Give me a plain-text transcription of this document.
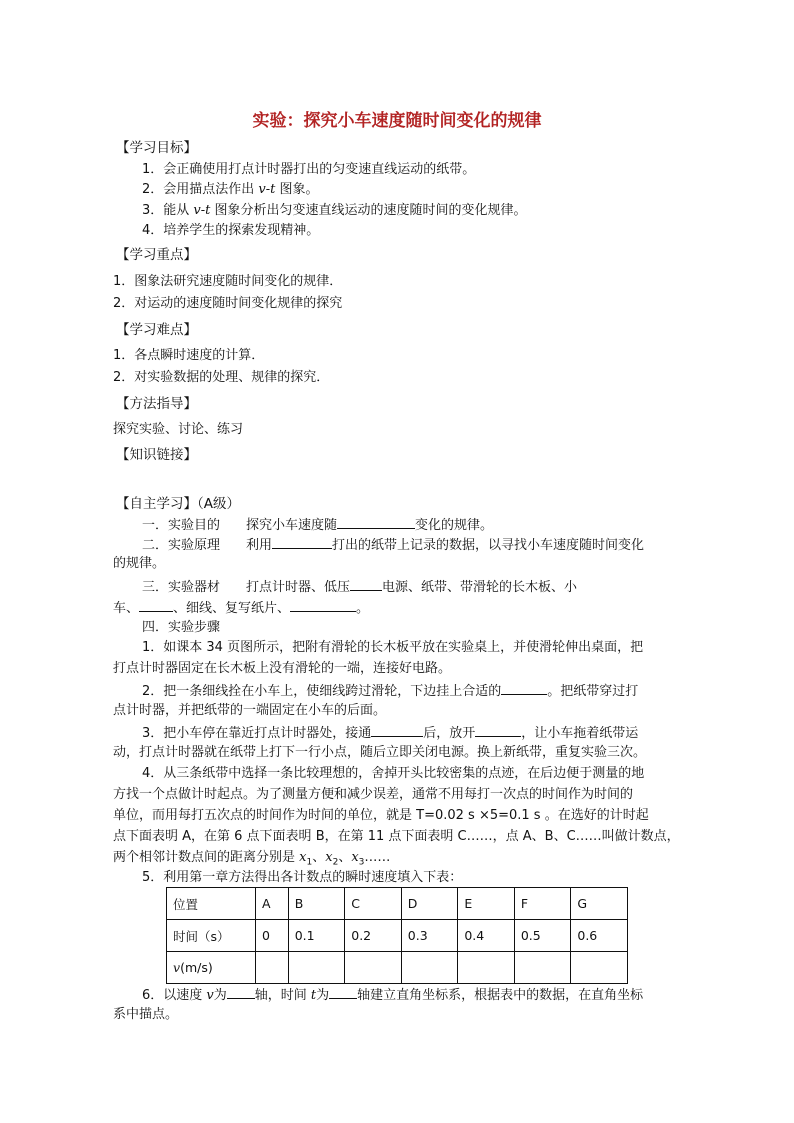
实验：探究小车速度随时间变化的规律
【学习目标】
1．会正确使用打点计时器打出的匀变速直线运动的纸带。
2．会用描点法作出 v-t 图象。
3．能从 v-t 图象分析出匀变速直线运动的速度随时间的变化规律。
4．培养学生的探索发现精神。
【学习重点】
1．图象法研究速度随时间变化的规律．
2．对运动的速度随时间变化规律的探究
【学习难点】
1．各点瞬时速度的计算．
2．对实验数据的处理、规律的探究．
【方法指导】
探究实验、讨论、练习
【知识链接】
【自主学习】（A级）
一．实验目的 探究小车速度随	变化的规律。
二．实验原理 利用	打出的纸带上记录的数据，以寻找小车速度随时间变化
的规律。
三．实验器材 打点计时器、低压 电源、纸带、带滑轮的长木板、小
车、	、细线、复写纸片、	。
四．实验步骤
1．如课本 34 页图所示，把附有滑轮的长木板平放在实验桌上，并使滑轮伸出桌面，把
打点计时器固定在长木板上没有滑轮的一端，连接好电路。
2．把一条细线拴在小车上，使细线跨过滑轮，下边挂上合适的	。把纸带穿过打
点计时器，并把纸带的一端固定在小车的后面。
3．把小车停在靠近打点计时器处，接通	后，放开	，让小车拖着纸带运
动，打点计时器就在纸带上打下一行小点，随后立即关闭电源。换上新纸带，重复实验三次。
4．从三条纸带中选择一条比较理想的，舍掉开头比较密集的点迹，在后边便于测量的地
方找一个点做计时起点。为了测量方便和减少误差，通常不用每打一次点的时间作为时间的
单位，而用每打五次点的时间作为时间的单位，就是 T=0.02 s ×5=0.1 s 。在选好的计时起
点下面表明 A，在第 6 点下面表明 B，在第 11 点下面表明 C……，点 A、B、C……叫做计数点，
两个相邻计数点间的距离分别是 $x_1$、$x_2$、$x_3\dots\dots$
5．利用第一章方法得出各计数点的瞬时速度填入下表：
位置	A	B	C	D	E	F	G
时间（s）	0	0.1	0.2	0.3	0.4	0.5	0.6
v(m/s)							
6．以速度 v为 轴，时间 t为 轴建立直角坐标系，根据表中的数据，在直角坐标
系中描点。
